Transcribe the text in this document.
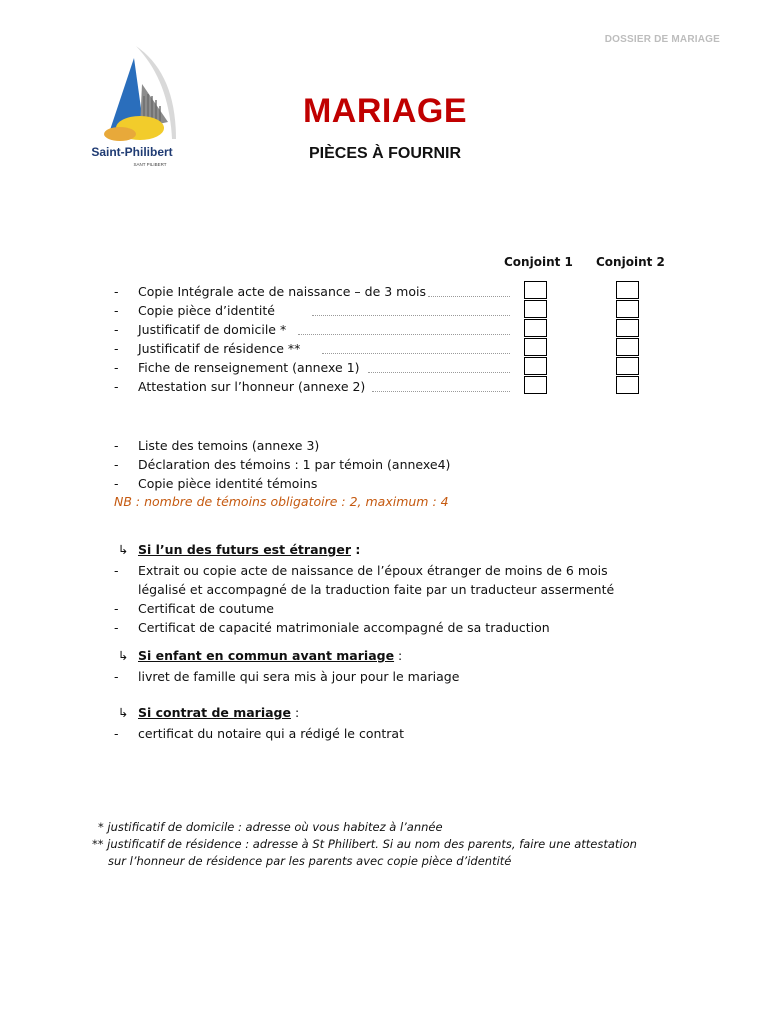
DOSSIER DE MARIAGE
Saint-Philibert
SANT PILIBERT
MARIAGE
PIÈCES À FOURNIR
Conjoint 1 Conjoint 2
- Copie Intégrale acte de naissance – de 3 mois
- Copie pièce d’identité
- Justificatif de domicile *
- Justificatif de résidence **
- Fiche de renseignement (annexe 1)
- Attestation sur l’honneur (annexe 2)
- Liste des temoins (annexe 3)
- Déclaration des témoins : 1 par témoin (annexe4)
- Copie pièce identité témoins
NB : nombre de témoins obligatoire : 2, maximum : 4
↳ Si l’un des futurs est étranger :
- Extrait ou copie acte de naissance de l’époux étranger de moins de 6 mois
légalisé et accompagné de la traduction faite par un traducteur assermenté
- Certificat de coutume
- Certificat de capacité matrimoniale accompagné de sa traduction
↳ Si enfant en commun avant mariage :
- livret de famille qui sera mis à jour pour le mariage
↳ Si contrat de mariage :
- certificat du notaire qui a rédigé le contrat
* justificatif de domicile : adresse où vous habitez à l’année
** justificatif de résidence : adresse à St Philibert. Si au nom des parents, faire une attestation
sur l’honneur de résidence par les parents avec copie pièce d’identité
